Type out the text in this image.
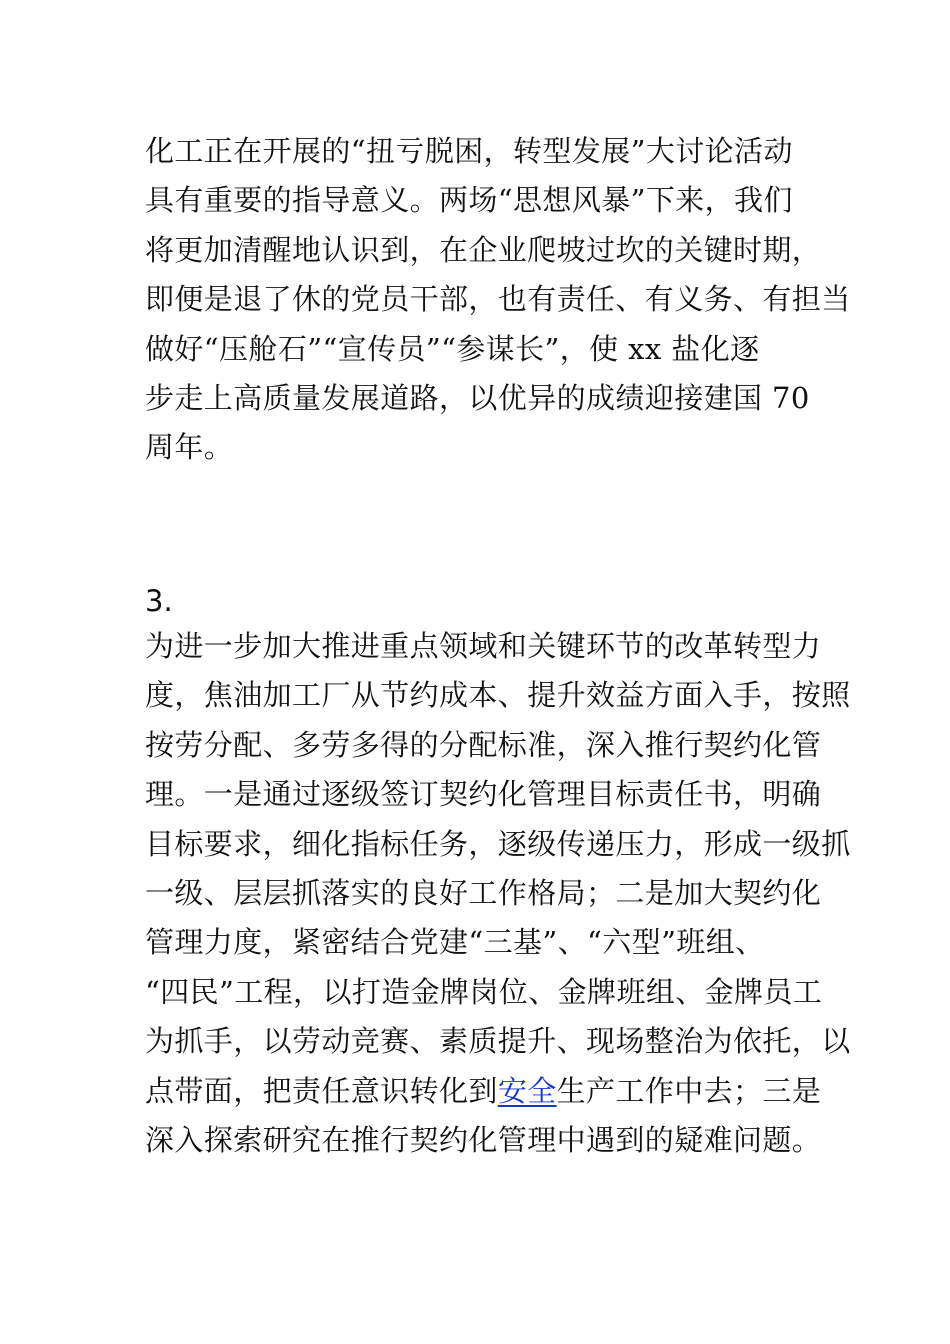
化工正在开展的“扭亏脱困，转型发展”大讨论活动
具有重要的指导意义。两场“思想风暴”下来，我们
将更加清醒地认识到，在企业爬坡过坎的关键时期，
即便是退了休的党员干部，也有责任、有义务、有担当
做好“压舱石”“宣传员”“参谋长”，使 xx 盐化逐
步走上高质量发展道路，以优异的成绩迎接建国 70
周年。
3.
为进一步加大推进重点领域和关键环节的改革转型力
度，焦油加工厂从节约成本、提升效益方面入手，按照
按劳分配、多劳多得的分配标准，深入推行契约化管
理。一是通过逐级签订契约化管理目标责任书，明确
目标要求，细化指标任务，逐级传递压力，形成一级抓
一级、层层抓落实的良好工作格局；二是加大契约化
管理力度，紧密结合党建“三基”、“六型”班组、
“四民”工程，以打造金牌岗位、金牌班组、金牌员工
为抓手，以劳动竞赛、素质提升、现场整治为依托，以
点带面，把责任意识转化到安全生产工作中去；三是
深入探索研究在推行契约化管理中遇到的疑难问题。
